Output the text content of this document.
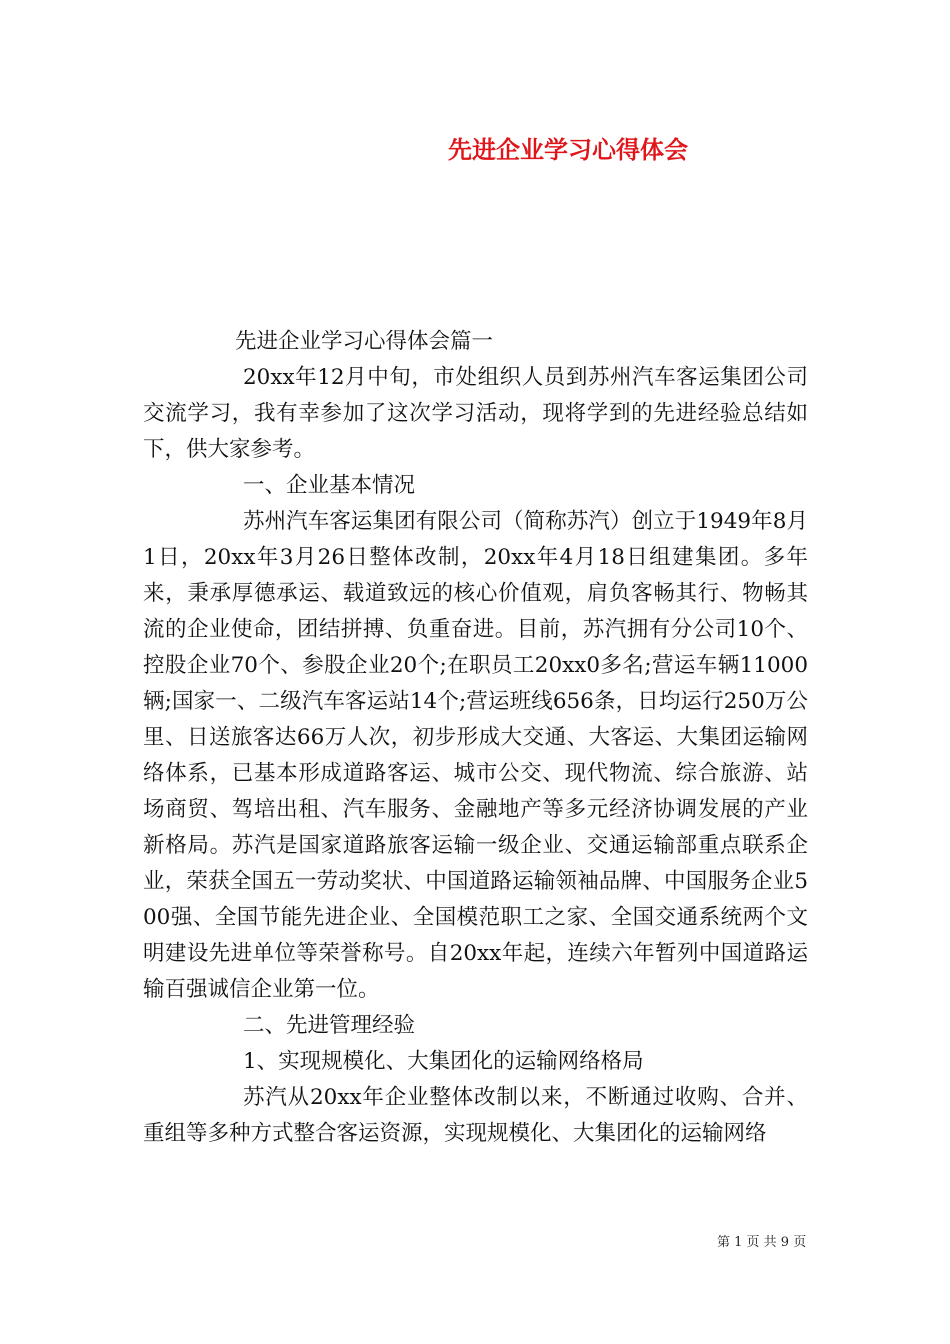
先进企业学习心得体会

先进企业学习心得体会篇一

20xx年12月中旬，市处组织人员到苏州汽车客运集团公司交流学习，我有幸参加了这次学习活动，现将学到的先进经验总结如下，供大家参考。

一、企业基本情况

苏州汽车客运集团有限公司（简称苏汽）创立于1949年8月1日，20xx年3月26日整体改制，20xx年4月18日组建集团。多年来，秉承厚德承运、载道致远的核心价值观，肩负客畅其行、物畅其流的企业使命，团结拼搏、负重奋进。目前，苏汽拥有分公司10个、控股企业70个、参股企业20个;在职员工20xx0多名;营运车辆11000辆;国家一、二级汽车客运站14个;营运班线656条，日均运行250万公里、日送旅客达66万人次，初步形成大交通、大客运、大集团运输网络体系，已基本形成道路客运、城市公交、现代物流、综合旅游、站场商贸、驾培出租、汽车服务、金融地产等多元经济协调发展的产业新格局。苏汽是国家道路旅客运输一级企业、交通运输部重点联系企业，荣获全国五一劳动奖状、中国道路运输领袖品牌、中国服务企业500强、全国节能先进企业、全国模范职工之家、全国交通系统两个文明建设先进单位等荣誉称号。自20xx年起，连续六年暂列中国道路运输百强诚信企业第一位。

二、先进管理经验

1、实现规模化、大集团化的运输网络格局

苏汽从20xx年企业整体改制以来，不断通过收购、合并、重组等多种方式整合客运资源，实现规模化、大集团化的运输网络

第 1 页 共 9 页
